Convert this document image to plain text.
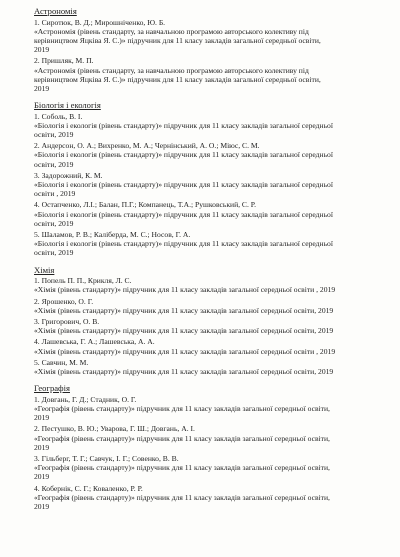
Астрономія
1. Сиротюк, В. Д.; Мирошніченко, Ю. Б.
«Астрономія (рівень стандарту, за навчальною програмою авторського колективу під
керівництвом Яцківа Я. С.)» підручник для 11 класу закладів загальної середньої освіти,
2019
2. Пришляк, М. П.
«Астрономія (рівень стандарту, за навчальною програмою авторського колективу під
керівництвом Яцківа Я. С.)» підручник для 11 класу закладів загальної середньої освіти,
2019
Біологія і екологія
1. Соболь, В. І.
«Біологія і екологія (рівень стандарту)» підручник для 11 класу закладів загальної середньої
освіти, 2019
2. Андерсон, О. А.; Вихренко, М. А.; Чернінський, А. О.; Міюс, С. М.
«Біологія і екологія (рівень стандарту)» підручник для 11 класу закладів загальної середньої
освіти, 2019
3. Задорожний, К. М.
«Біологія і екологія (рівень стандарту)» підручник для 11 класу закладів загальної середньої
освіти , 2019
4. Остапченко, Л.І.; Балан, П.Г.; Компанець, Т.А.; Рушковський, С. Р.
«Біологія і екологія (рівень стандарту)» підручник для 11 класу закладів загальної середньої
освіти, 2019
5. Шаламов, Р. В.; Каліберда, М. С.; Носов, Г. А.
«Біологія і екологія (рівень стандарту)» підручник для 11 класу закладів загальної середньої
освіти, 2019
Хімія
1. Попель П. П., Крикля, Л. С.
«Хімія (рівень стандарту)» підручник для 11 класу закладів загальної середньої освіти , 2019
2. Ярошенко, О. Г.
«Хімія (рівень стандарту)» підручник для 11 класу закладів загальної середньої освіти, 2019
3. Григорович, О. В.
«Хімія (рівень стандарту)» підручник для 11 класу закладів загальної середньої освіти, 2019
4. Лашевська, Г. А.; Лашевська, А. А.
«Хімія (рівень стандарту)» підручник для 11 класу закладів загальної середньої освіти , 2019
5. Савчин, М. М.
«Хімія (рівень стандарту)» підручник для 11 класу закладів загальної середньої освіти, 2019
Географія
1. Довгань, Г. Д.; Стадник, О. Г.
«Географія (рівень стандарту)» підручник для 11 класу закладів загальної середньої освіти,
2019
2. Пестушко, В. Ю.; Уварова, Г. Ш.; Довгань, А. І.
«Географія (рівень стандарту)» підручник для 11 класу закладів загальної середньої освіти,
2019
3. Гільберг, Т. Г.; Савчук, І. Г.; Совенко, В. В.
«Географія (рівень стандарту)» підручник для 11 класу закладів загальної середньої освіти,
2019
4. Кобернік, С. Г.; Коваленко, Р. Р.
«Географія (рівень стандарту)» підручник для 11 класу закладів загальної середньої освіти,
2019
